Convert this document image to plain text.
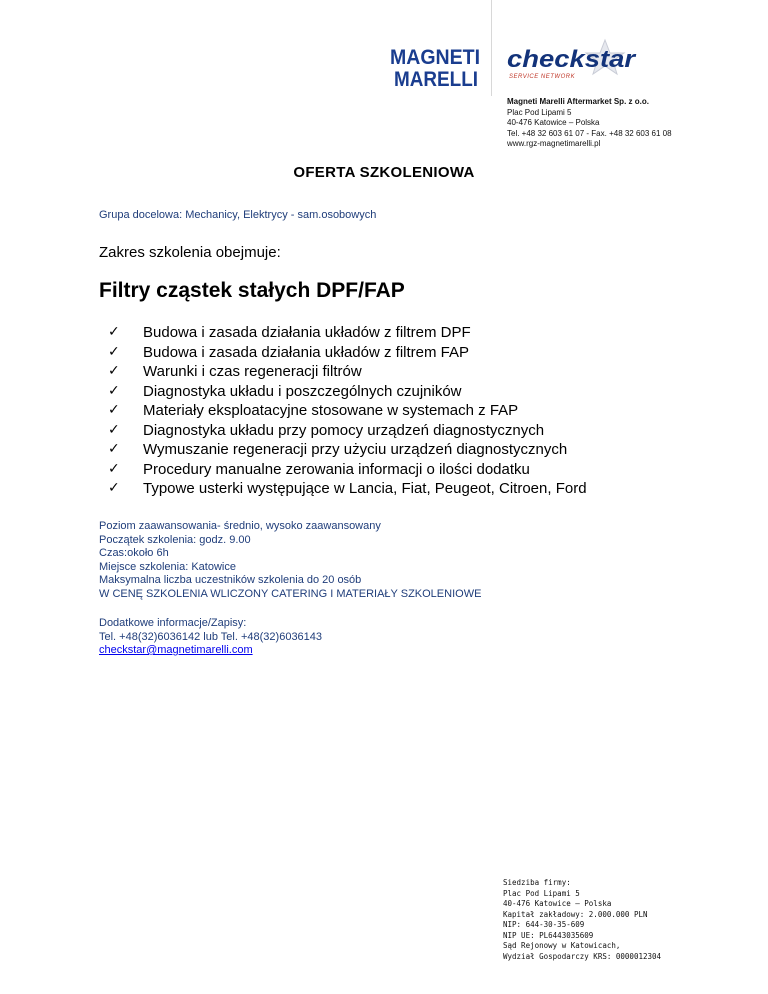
MAGNETI
MARELLI
checkstar
SERVICE NETWORK
Magneti Marelli Aftermarket Sp. z o.o.
Plac Pod Lipami 5
40-476 Katowice – Polska
Tel. +48 32 603 61 07 - Fax. +48 32 603 61 08
www.rgz-magnetimarelli.pl
OFERTA SZKOLENIOWA
Grupa docelowa: Mechanicy, Elektrycy - sam.osobowych
Zakres szkolenia obejmuje:
Filtry cząstek stałych DPF/FAP
✓	Budowa i zasada działania układów z filtrem DPF
✓	Budowa i zasada działania układów z filtrem FAP
✓	Warunki i czas regeneracji filtrów
✓	Diagnostyka układu i poszczególnych czujników
✓	Materiały eksploatacyjne stosowane w systemach z FAP
✓	Diagnostyka układu przy pomocy urządzeń diagnostycznych
✓	Wymuszanie regeneracji przy użyciu urządzeń diagnostycznych
✓	Procedury manualne zerowania informacji o ilości dodatku
✓	Typowe usterki występujące w Lancia, Fiat, Peugeot, Citroen, Ford
Poziom zaawansowania- średnio, wysoko zaawansowany
Początek szkolenia: godz. 9.00
Czas:około 6h
Miejsce szkolenia: Katowice
Maksymalna liczba uczestników szkolenia do 20 osób
W CENĘ SZKOLENIA WLICZONY CATERING I MATERIAŁY SZKOLENIOWE
Dodatkowe informacje/Zapisy:
Tel. +48(32)6036142 lub Tel. +48(32)6036143
checkstar@magnetimarelli.com
Siedziba firmy:
Plac Pod Lipami 5
40-476 Katowice – Polska
Kapitał zakładowy: 2.000.000 PLN
NIP: 644-30-35-609
NIP UE: PL6443035609
Sąd Rejonowy w Katowicach,
Wydział Gospodarczy KRS: 0000012304
